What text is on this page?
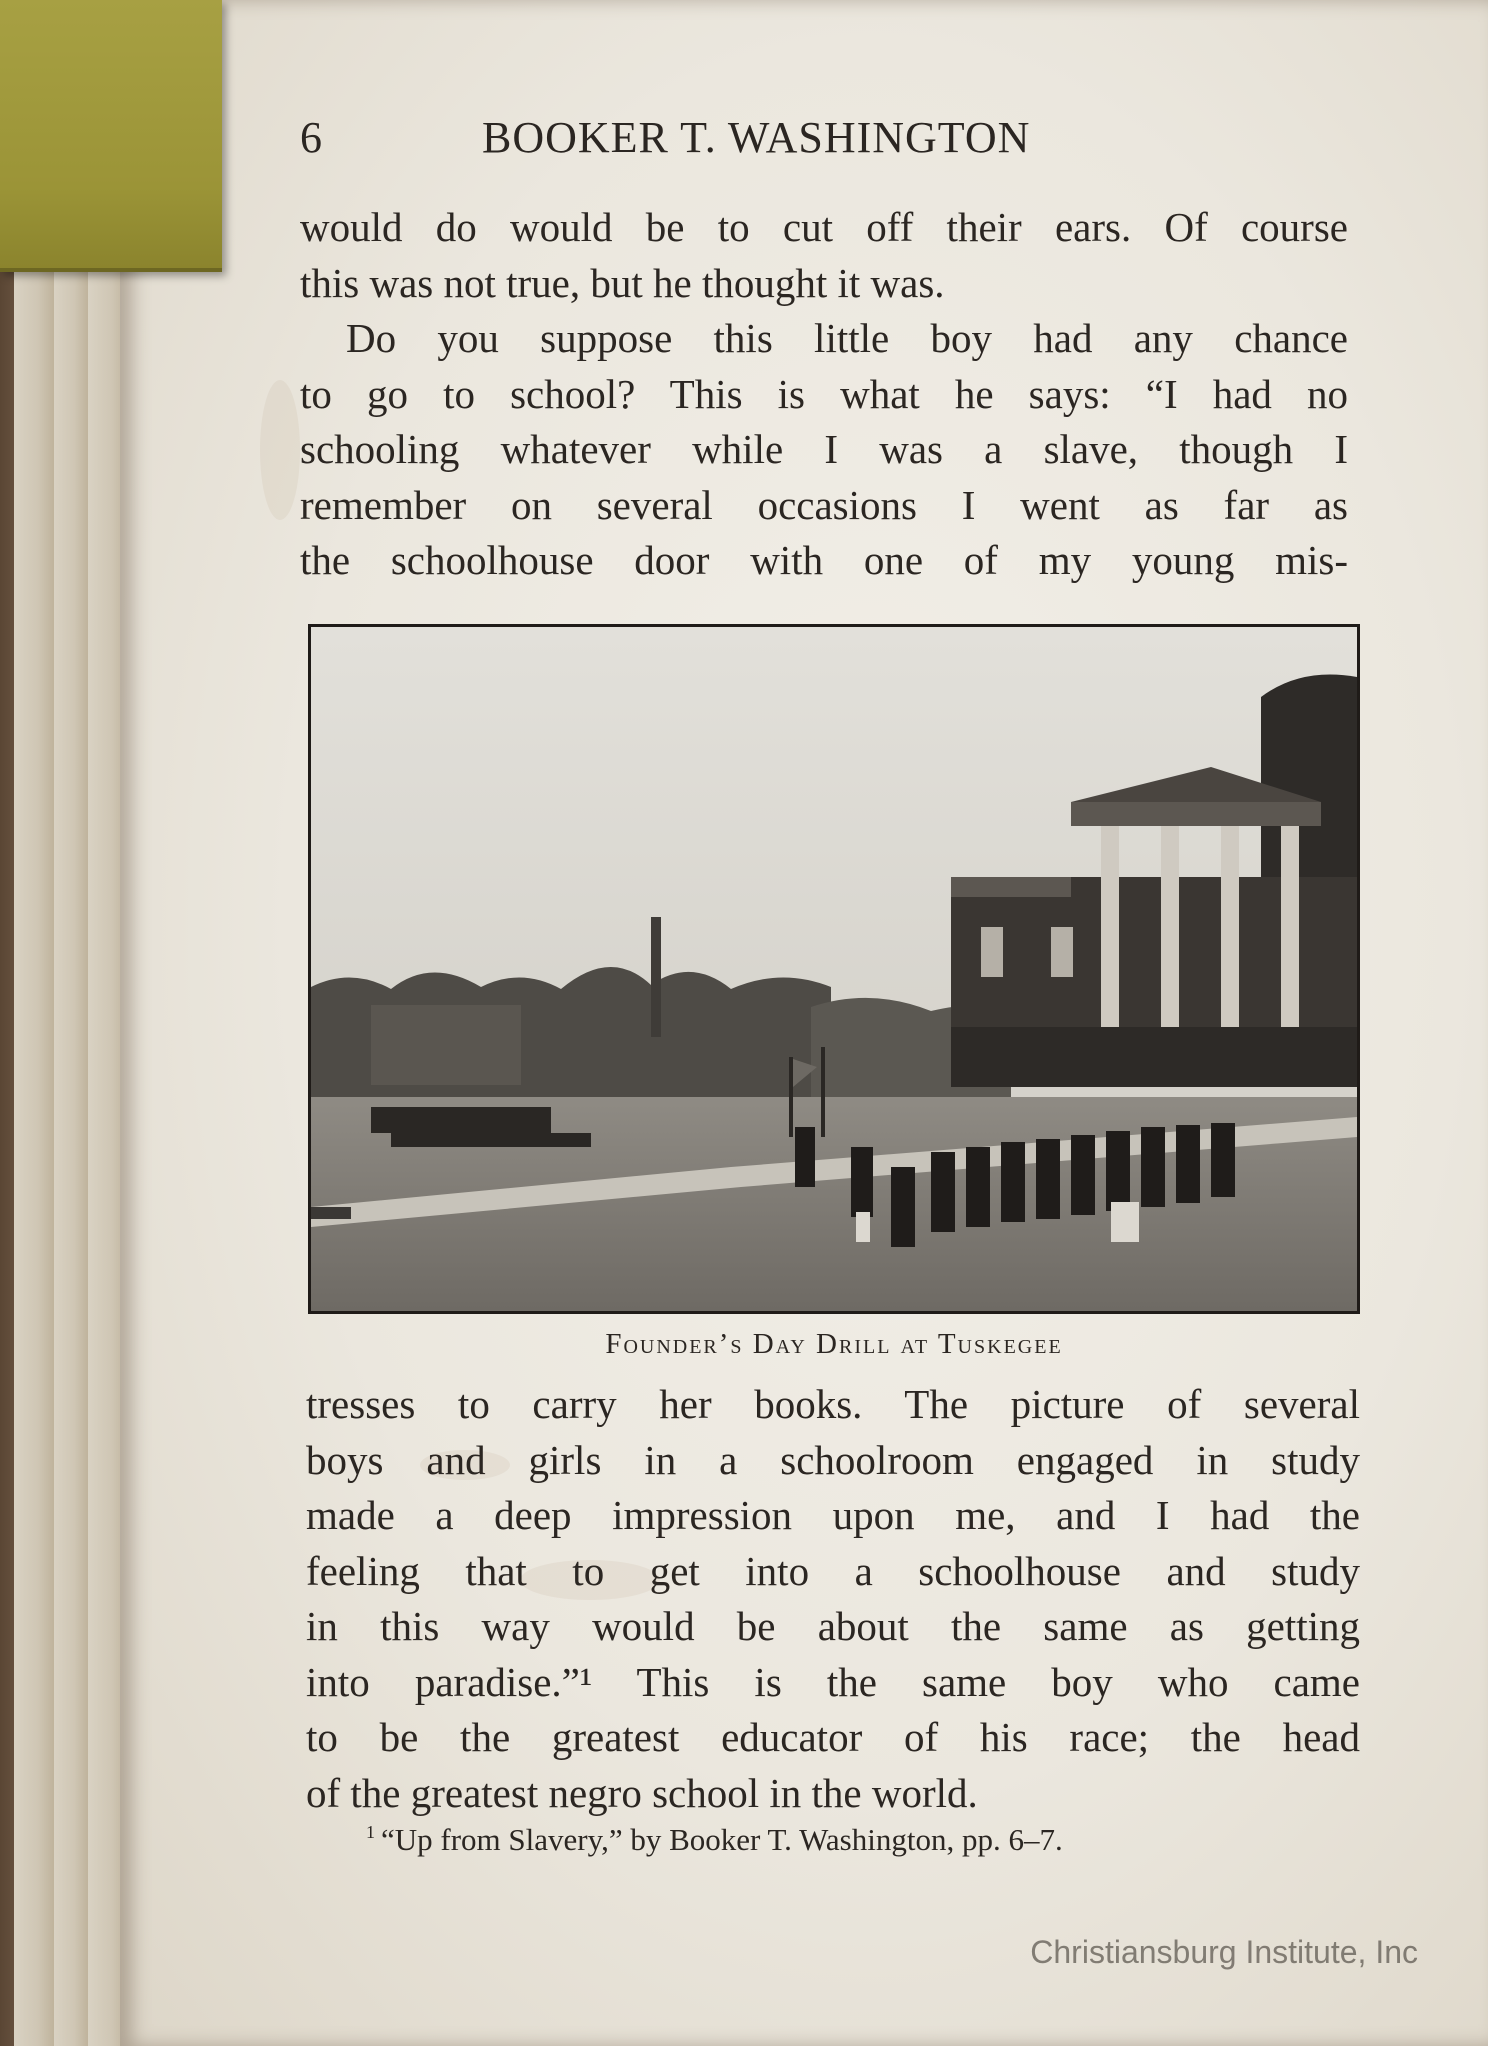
6	BOOKER T. WASHINGTON
would do would be to cut off their ears. Of course
this was not true, but he thought it was.
Do you suppose this little boy had any chance
to go to school? This is what he says: “I had no
schooling whatever while I was a slave, though I
remember on several occasions I went as far as
the schoolhouse door with one of my young mis-
Founder’s Day Drill at Tuskegee
tresses to carry her books. The picture of several
boys and girls in a schoolroom engaged in study
made a deep impression upon me, and I had the
feeling that to get into a schoolhouse and study
in this way would be about the same as getting
into paradise.”¹ This is the same boy who came
to be the greatest educator of his race; the head
of the greatest negro school in the world.
$^1$ “Up from Slavery,” by Booker T. Washington, pp. 6–7.
Christiansburg Institute, Inc
